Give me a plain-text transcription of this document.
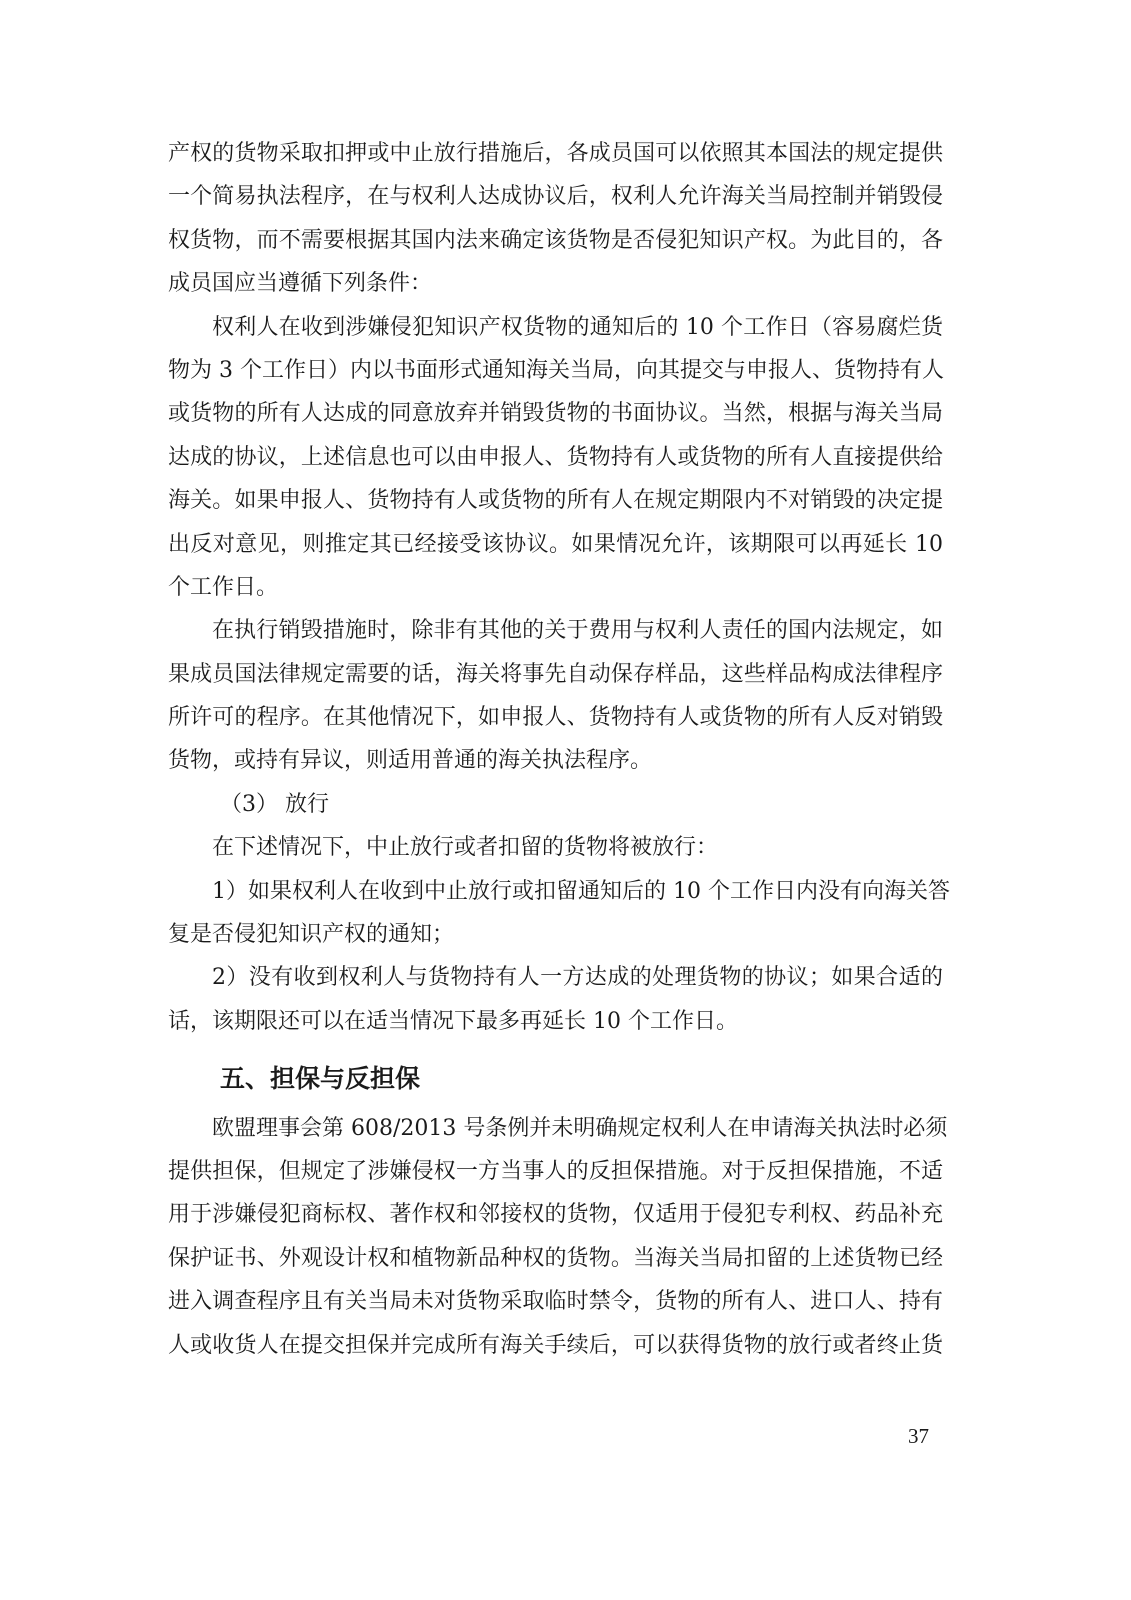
产权的货物采取扣押或中止放行措施后，各成员国可以依照其本国法的规定提供
一个简易执法程序，在与权利人达成协议后，权利人允许海关当局控制并销毁侵
权货物，而不需要根据其国内法来确定该货物是否侵犯知识产权。为此目的，各
成员国应当遵循下列条件：
权利人在收到涉嫌侵犯知识产权货物的通知后的 10 个工作日（容易腐烂货
物为 3 个工作日）内以书面形式通知海关当局，向其提交与申报人、货物持有人
或货物的所有人达成的同意放弃并销毁货物的书面协议。当然，根据与海关当局
达成的协议，上述信息也可以由申报人、货物持有人或货物的所有人直接提供给
海关。如果申报人、货物持有人或货物的所有人在规定期限内不对销毁的决定提
出反对意见，则推定其已经接受该协议。如果情况允许，该期限可以再延长 10
个工作日。
在执行销毁措施时，除非有其他的关于费用与权利人责任的国内法规定，如
果成员国法律规定需要的话，海关将事先自动保存样品，这些样品构成法律程序
所许可的程序。在其他情况下，如申报人、货物持有人或货物的所有人反对销毁
货物，或持有异议，则适用普通的海关执法程序。
（3） 放行
在下述情况下，中止放行或者扣留的货物将被放行：
1）如果权利人在收到中止放行或扣留通知后的 10 个工作日内没有向海关答
复是否侵犯知识产权的通知；
2）没有收到权利人与货物持有人一方达成的处理货物的协议；如果合适的
话，该期限还可以在适当情况下最多再延长 10 个工作日。
五、担保与反担保
欧盟理事会第 608/2013 号条例并未明确规定权利人在申请海关执法时必须
提供担保，但规定了涉嫌侵权一方当事人的反担保措施。对于反担保措施，不适
用于涉嫌侵犯商标权、著作权和邻接权的货物，仅适用于侵犯专利权、药品补充
保护证书、外观设计权和植物新品种权的货物。当海关当局扣留的上述货物已经
进入调查程序且有关当局未对货物采取临时禁令，货物的所有人、进口人、持有
人或收货人在提交担保并完成所有海关手续后，可以获得货物的放行或者终止货
37
